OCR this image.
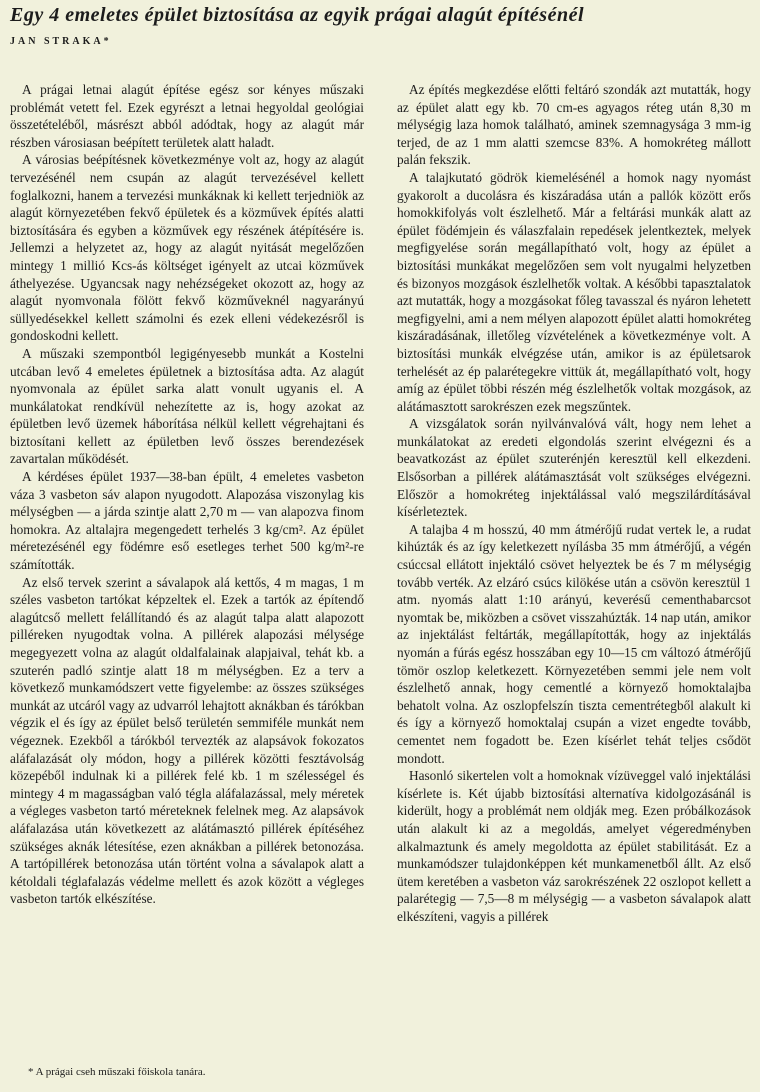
Egy 4 emeletes épület biztosítása az egyik prágai alagút építésénél
JAN STRAKA*

A prágai letnai alagút építése egész sor kényes műszaki problémát vetett fel. Ezek egyrészt a letnai hegyoldal geológiai összetételéből, másrészt abból adódtak, hogy az alagút már részben városiasan beépített területek alatt haladt.

A városias beépítésnek következménye volt az, hogy az alagút tervezésénél nem csupán az alagút tervezésével kellett foglalkozni, hanem a tervezési munkáknak ki kellett terjedniök az alagút környezetében fekvő épületek és a közművek építés alatti biztosítására és egyben a közművek egy részének átépítésére is. Jellemzi a helyzetet az, hogy az alagút nyitását megelőzően mintegy 1 millió Kcs-ás költséget igényelt az utcai közművek áthelyezése. Ugyancsak nagy nehézségeket okozott az, hogy az alagút nyomvonala fölött fekvő közműveknél nagyarányú süllyedésekkel kellett számolni és ezek elleni védekezésről is gondoskodni kellett.

A műszaki szempontból legigényesebb munkát a Kostelni utcában levő 4 emeletes épületnek a biztosítása adta. Az alagút nyomvonala az épület sarka alatt vonult ugyanis el. A munkálatokat rendkívül nehezítette az is, hogy azokat az épületben levő üzemek háborítása nélkül kellett végrehajtani és biztosítani kellett az épületben levő összes berendezések zavartalan működését.

A kérdéses épület 1937—38-ban épült, 4 emeletes vasbeton váza 3 vasbeton sáv alapon nyugodott. Alapozása viszonylag kis mélységben — a járda szintje alatt 2,70 m — van alapozva finom homokra. Az altalajra megengedett terhelés 3 kg/cm². Az épület méretezésénél egy födémre eső esetleges terhet 500 kg/m²-re számították.

Az első tervek szerint a sávalapok alá kettős, 4 m magas, 1 m széles vasbeton tartókat képzeltek el. Ezek a tartók az építendő alagútcső mellett felállítandó és az alagút talpa alatt alapozott pilléreken nyugodtak volna. A pillérek alapozási mélysége megegyezett volna az alagút oldalfalainak alapjaival, tehát kb. a szuterén padló szintje alatt 18 m mélységben. Ez a terv a következő munkamódszert vette figyelembe: az összes szükséges munkát az utcáról vagy az udvarról lehajtott aknákban és tárókban végzik el és így az épület belső területén semmiféle munkát nem végeznek. Ezekből a tárókból tervezték az alapsávok fokozatos aláfalazását oly módon, hogy a pillérek közötti fesztávolság közepéből indulnak ki a pillérek felé kb. 1 m szélességel és mintegy 4 m magasságban való tégla aláfalazással, mely méretek a végleges vasbeton tartó méreteknek felelnek meg. Az alapsávok aláfalazása után következett az alátámasztó pillérek építéséhez szükséges aknák létesítése, ezen aknákban a pillérek betonozása. A tartópillérek betonozása után történt volna a sávalapok alatt a kétoldali téglafalazás védelme mellett és azok között a végleges vasbeton tartók elkészítése.

Az építés megkezdése előtti feltáró szondák azt mutatták, hogy az épület alatt egy kb. 70 cm-es agyagos réteg után 8,30 m mélységig laza homok található, aminek szemnagysága 3 mm-ig terjed, de az 1 mm alatti szemcse 83%. A homokréteg mállott palán fekszik.

A talajkutató gödrök kiemelésénél a homok nagy nyomást gyakorolt a ducolásra és kiszáradása után a pallók között erős homokkifolyás volt észlelhető. Már a feltárási munkák alatt az épület födémjein és válaszfalain repedések jelentkeztek, melyek megfigyelése során megállapítható volt, hogy az épület a biztosítási munkákat megelőzően sem volt nyugalmi helyzetben és bizonyos mozgások észlelhetők voltak. A későbbi tapasztalatok azt mutatták, hogy a mozgásokat főleg tavasszal és nyáron lehetett megfigyelni, ami a nem mélyen alapozott épület alatti homokréteg kiszáradásának, illetőleg vízvételének a következménye volt. A biztosítási munkák elvégzése után, amikor is az épületsarok terhelését az ép palarétegekre vittük át, megállapítható volt, hogy amíg az épület többi részén még észlelhetők voltak mozgások, az alátámasztott sarokrészen ezek megszűntek.

A vizsgálatok során nyilvánvalóvá vált, hogy nem lehet a munkálatokat az eredeti elgondolás szerint elvégezni és a beavatkozást az épület szuterénjén keresztül kell elkezdeni. Elsősorban a pillérek alátámasztását volt szükséges elvégezni. Először a homokréteg injektálással való megszilárdításával kísérleteztek.

A talajba 4 m hosszú, 40 mm átmérőjű rudat vertek le, a rudat kihúzták és az így keletkezett nyílásba 35 mm átmérőjű, a végén csúccsal ellátott injektáló csövet helyeztek be és 7 m mélységig tovább verték. Az elzáró csúcs kilökése után a csövön keresztül 1 atm. nyomás alatt 1:10 arányú, keverésű cementhabarcsot nyomtak be, miközben a csövet visszahúzták. 14 nap után, amikor az injektálást feltárták, megállapították, hogy az injektálás nyomán a fúrás egész hosszában egy 10—15 cm változó átmérőjű tömör oszlop keletkezett. Környezetében semmi jele nem volt észlelhető annak, hogy cementlé a környező homoktalajba behatolt volna. Az oszlopfelszín tiszta cementrétegből alakult ki és így a környező homoktalaj csupán a vizet engedte tovább, cementet nem fogadott be. Ezen kísérlet tehát teljes csődöt mondott.

Hasonló sikertelen volt a homoknak vízüveggel való injektálási kísérlete is. Két újabb biztosítási alternatíva kidolgozásánál is kiderült, hogy a problémát nem oldják meg. Ezen próbálkozások után alakult ki az a megoldás, amelyet végeredményben alkalmaztunk és amely megoldotta az épület stabilitását. Ez a munkamódszer tulajdonképpen két munkamenetből állt. Az első ütem keretében a vasbeton váz sarokrészének 22 oszlopot kellett a palarétegig — 7,5—8 m mélységig — a vasbeton sávalapok alatt elkészíteni, vagyis a pillérek

* A prágai cseh műszaki főiskola tanára.
